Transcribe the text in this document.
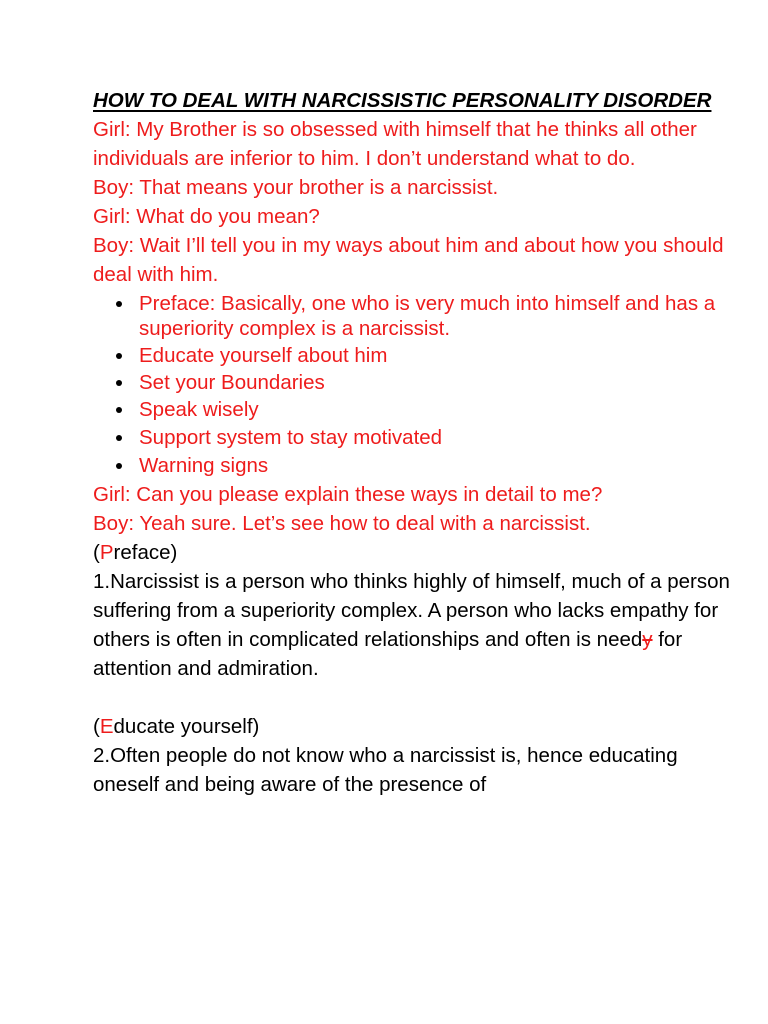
HOW TO DEAL WITH NARCISSISTIC PERSONALITY DISORDER

Girl: My Brother is so obsessed with himself that he thinks all other individuals are inferior to him. I don’t understand what to do.

Boy: That means your brother is a narcissist.

Girl: What do you mean?

Boy: Wait I’ll tell you in my ways about him and about how you should deal with him.

Preface: Basically, one who is very much into himself and has a superiority complex is a narcissist.
Educate yourself about him
Set your Boundaries
Speak wisely
Support system to stay motivated
Warning signs

Girl: Can you please explain these ways in detail to me?

Boy: Yeah sure. Let’s see how to deal with a narcissist.

(Preface)

1.Narcissist is a person who thinks highly of himself, much of a person suffering from a superiority complex. A person who lacks empathy for others is often in complicated relationships and often is needy for attention and admiration.

(Educate yourself)

2.Often people do not know who a narcissist is, hence educating oneself and being aware of the presence of
